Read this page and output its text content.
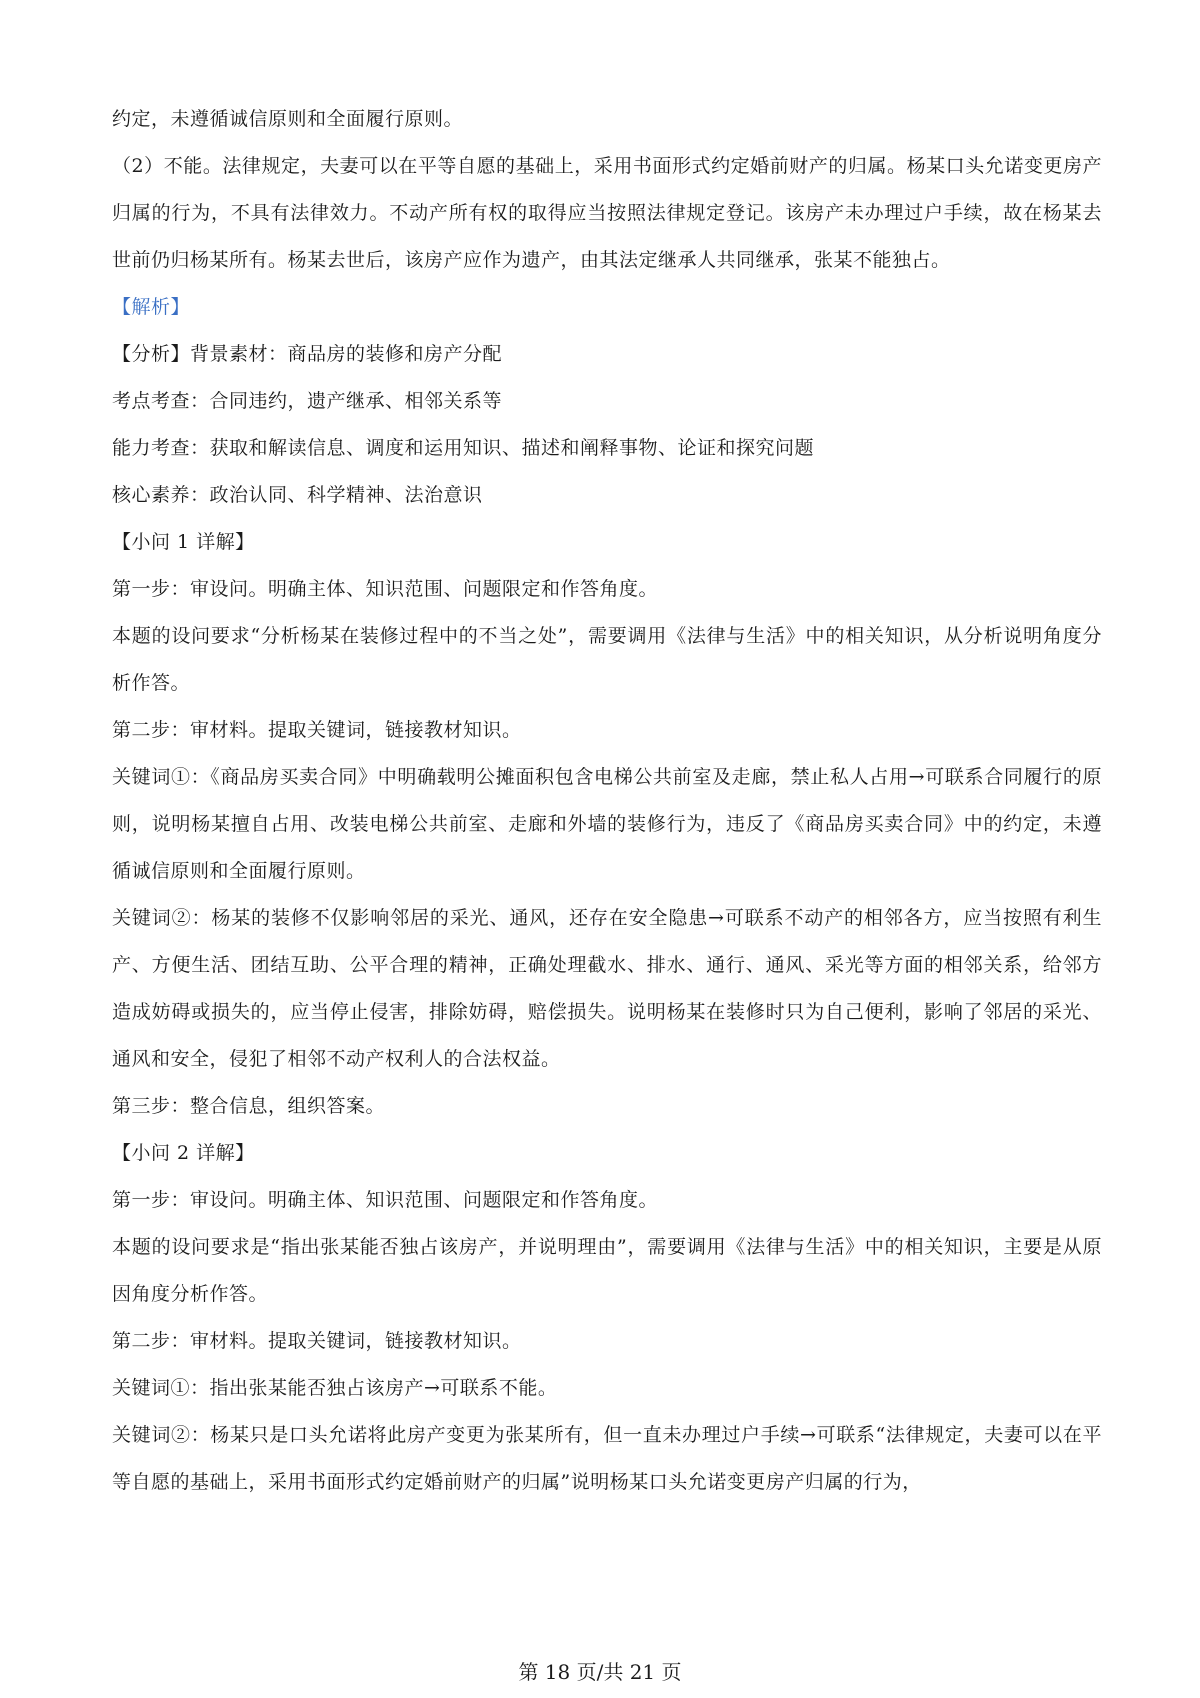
约定，未遵循诚信原则和全面履行原则。

（2）不能。法律规定，夫妻可以在平等自愿的基础上，采用书面形式约定婚前财产的归属。杨某口头允诺变更房产归属的行为，不具有法律效力。不动产所有权的取得应当按照法律规定登记。该房产未办理过户手续，故在杨某去世前仍归杨某所有。杨某去世后，该房产应作为遗产，由其法定继承人共同继承，张某不能独占。

【解析】

【分析】背景素材：商品房的装修和房产分配

考点考查：合同违约，遗产继承、相邻关系等

能力考查：获取和解读信息、调度和运用知识、描述和阐释事物、论证和探究问题

核心素养：政治认同、科学精神、法治意识

【小问 1 详解】

第一步：审设问。明确主体、知识范围、问题限定和作答角度。

本题的设问要求“分析杨某在装修过程中的不当之处”，需要调用《法律与生活》中的相关知识，从分析说明角度分析作答。

第二步：审材料。提取关键词，链接教材知识。

关键词①：《商品房买卖合同》中明确载明公摊面积包含电梯公共前室及走廊，禁止私人占用→可联系合同履行的原则，说明杨某擅自占用、改装电梯公共前室、走廊和外墙的装修行为，违反了《商品房买卖合同》中的约定，未遵循诚信原则和全面履行原则。

关键词②：杨某的装修不仅影响邻居的采光、通风，还存在安全隐患→可联系不动产的相邻各方，应当按照有利生产、方便生活、团结互助、公平合理的精神，正确处理截水、排水、通行、通风、采光等方面的相邻关系，给邻方造成妨碍或损失的，应当停止侵害，排除妨碍，赔偿损失。说明杨某在装修时只为自己便利，影响了邻居的采光、通风和安全，侵犯了相邻不动产权利人的合法权益。

第三步：整合信息，组织答案。

【小问 2 详解】

第一步：审设问。明确主体、知识范围、问题限定和作答角度。

本题的设问要求是“指出张某能否独占该房产，并说明理由”，需要调用《法律与生活》中的相关知识，主要是从原因角度分析作答。

第二步：审材料。提取关键词，链接教材知识。

关键词①：指出张某能否独占该房产→可联系不能。

关键词②：杨某只是口头允诺将此房产变更为张某所有，但一直未办理过户手续→可联系“法律规定，夫妻可以在平等自愿的基础上，采用书面形式约定婚前财产的归属”说明杨某口头允诺变更房产归属的行为，

第 18 页/共 21 页
